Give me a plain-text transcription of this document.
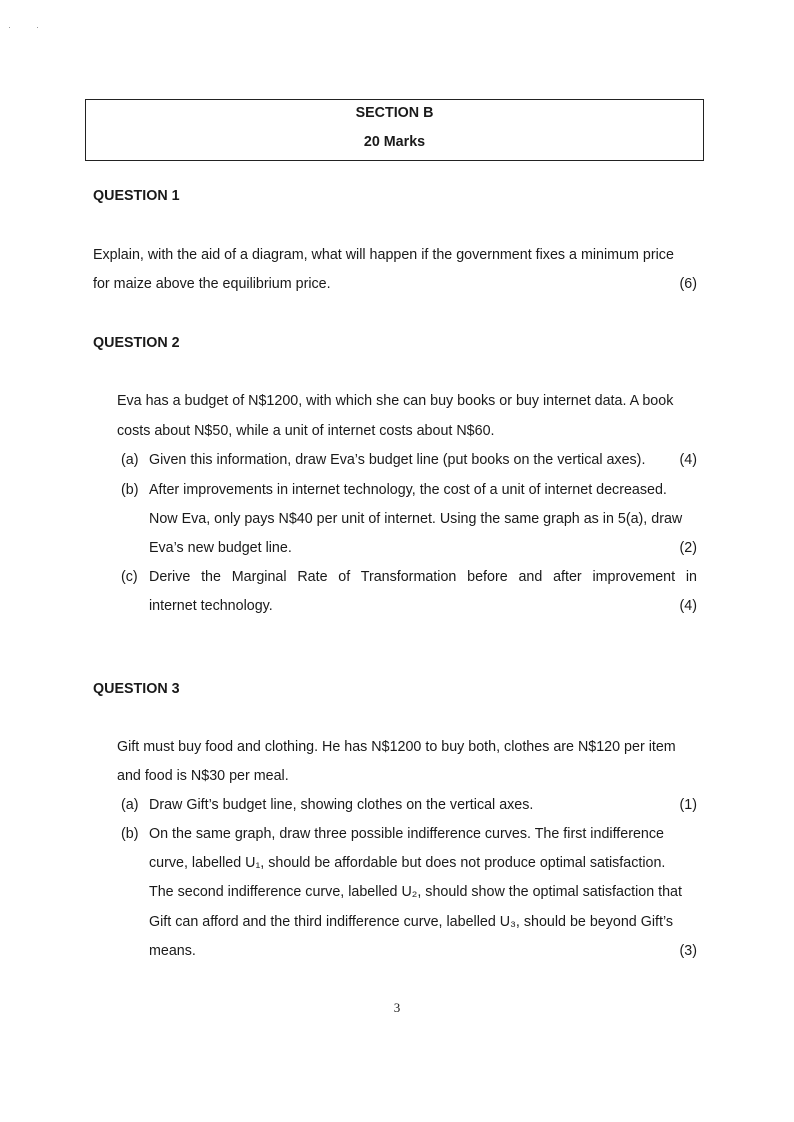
·          ·
SECTION B
20 Marks
QUESTION 1
Explain, with the aid of a diagram, what will happen if the government fixes a minimum price
for maize above the equilibrium price.	(6)
QUESTION 2
Eva has a budget of N$1200, with which she can buy books or buy internet data. A book
costs about N$50, while a unit of internet costs about N$60.
(a) Given this information, draw Eva’s budget line (put books on the vertical axes). (4)
(b) After improvements in internet technology, the cost of a unit of internet decreased.
Now Eva, only pays N$40 per unit of internet. Using the same graph as in 5(a), draw
Eva’s new budget line.	(2)
(c) Derive the Marginal Rate of Transformation before and after improvement in
internet technology.	(4)
QUESTION 3
Gift must buy food and clothing. He has N$1200 to buy both, clothes are N$120 per item
and food is N$30 per meal.
(a) Draw Gift’s budget line, showing clothes on the vertical axes.	(1)
(b) On the same graph, draw three possible indifference curves. The first indifference
curve, labelled U₁, should be affordable but does not produce optimal satisfaction.
The second indifference curve, labelled U₂, should show the optimal satisfaction that
Gift can afford and the third indifference curve, labelled U₃, should be beyond Gift’s
means.	(3)
3
